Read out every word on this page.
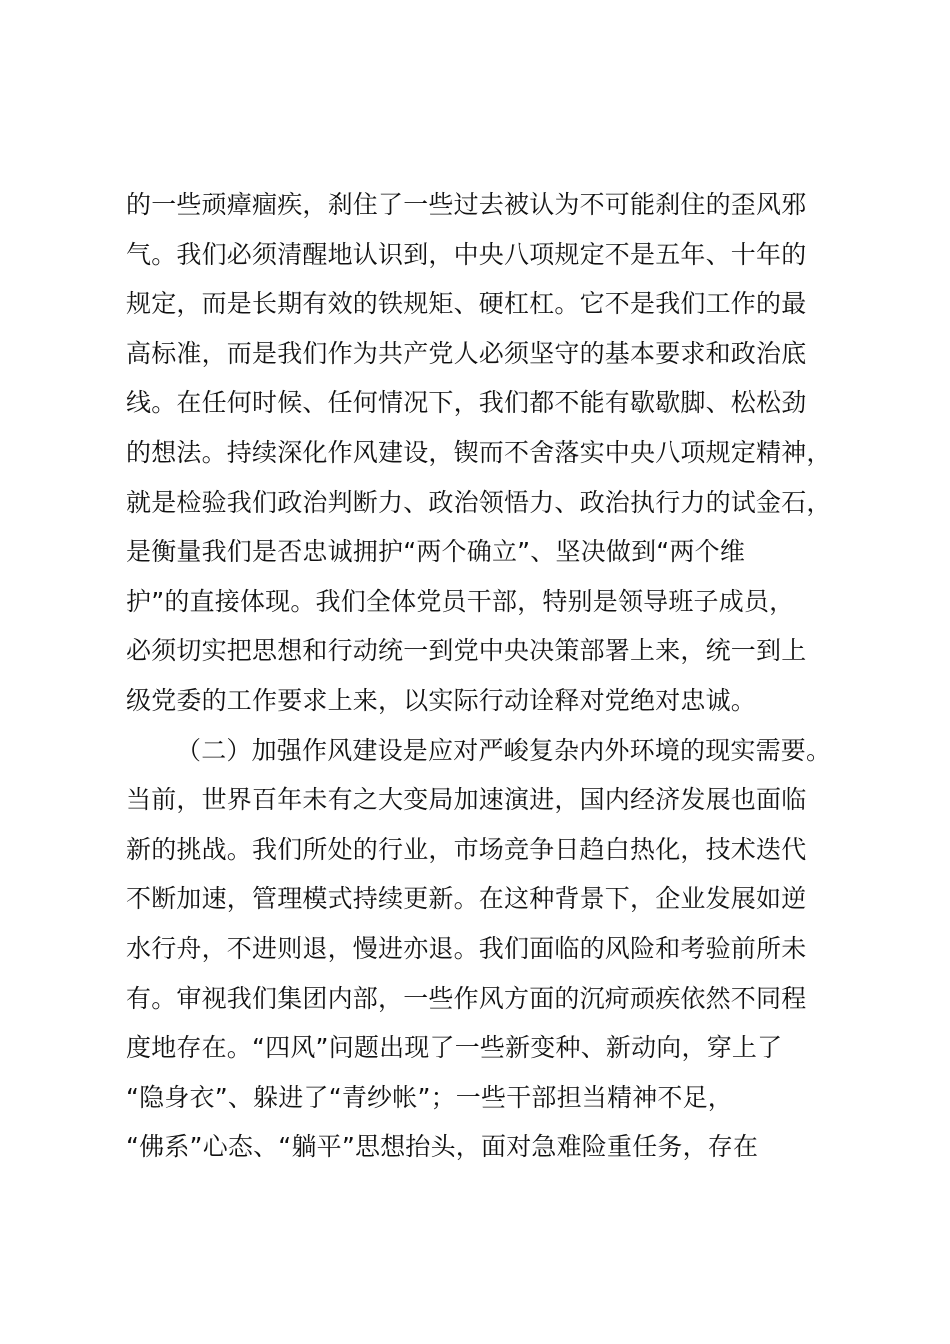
的一些顽瘴痼疾，刹住了一些过去被认为不可能刹住的歪风邪
气。我们必须清醒地认识到，中央八项规定不是五年、十年的
规定，而是长期有效的铁规矩、硬杠杠。它不是我们工作的最
高标准，而是我们作为共产党人必须坚守的基本要求和政治底
线。在任何时候、任何情况下，我们都不能有歇歇脚、松松劲
的想法。持续深化作风建设，锲而不舍落实中央八项规定精神，
就是检验我们政治判断力、政治领悟力、政治执行力的试金石，
是衡量我们是否忠诚拥护“两个确立”、坚决做到“两个维
护”的直接体现。我们全体党员干部，特别是领导班子成员，
必须切实把思想和行动统一到党中央决策部署上来，统一到上
级党委的工作要求上来，以实际行动诠释对党绝对忠诚。
（二）加强作风建设是应对严峻复杂内外环境的现实需要。
当前，世界百年未有之大变局加速演进，国内经济发展也面临
新的挑战。我们所处的行业，市场竞争日趋白热化，技术迭代
不断加速，管理模式持续更新。在这种背景下，企业发展如逆
水行舟，不进则退，慢进亦退。我们面临的风险和考验前所未
有。审视我们集团内部，一些作风方面的沉疴顽疾依然不同程
度地存在。“四风”问题出现了一些新变种、新动向，穿上了
“隐身衣”、躲进了“青纱帐”；一些干部担当精神不足，
“佛系”心态、“躺平”思想抬头，面对急难险重任务，存在
